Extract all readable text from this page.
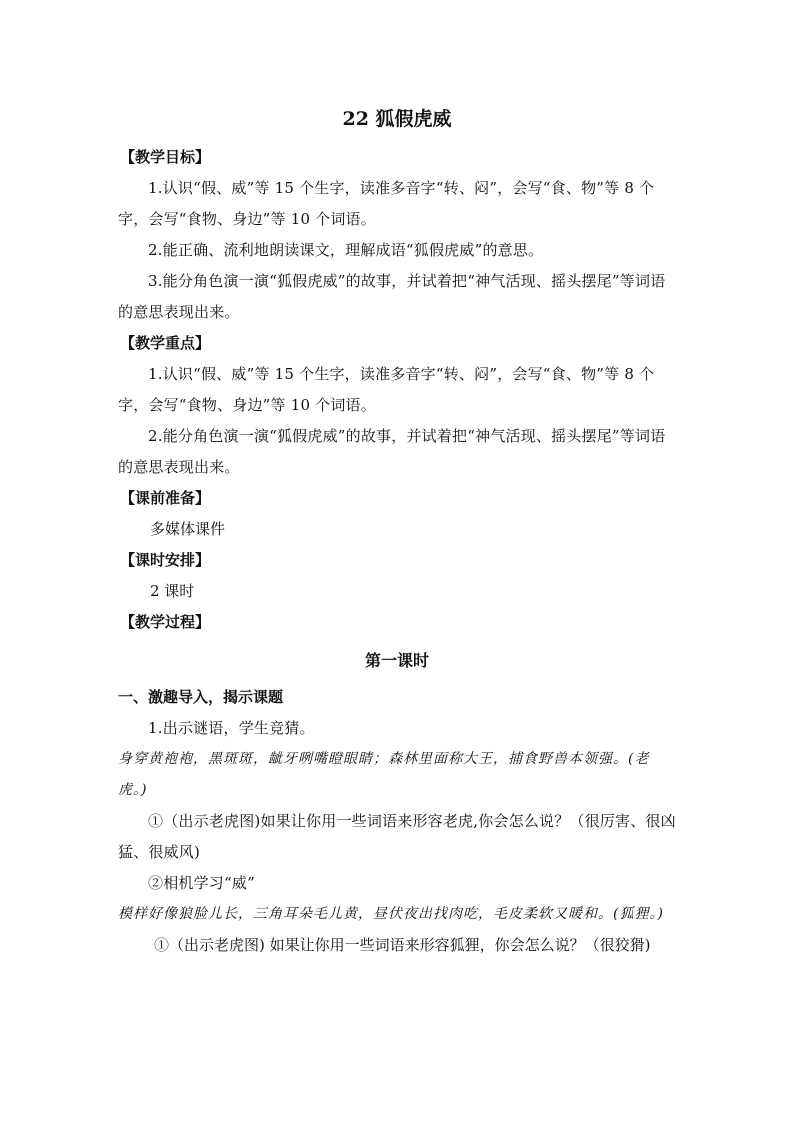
22 狐假虎威
【教学目标】
1.认识“假、威”等 15 个生字，读准多音字“转、闷”，会写“食、物”等 8 个字，会写“食物、身边”等 10 个词语。
2.能正确、流利地朗读课文，理解成语“狐假虎威”的意思。
3.能分角色演一演“狐假虎威”的故事，并试着把“神气活现、摇头摆尾”等词语的意思表现出来。
【教学重点】
1.认识“假、威”等 15 个生字，读准多音字“转、闷”，会写“食、物”等 8 个字，会写“食物、身边”等 10 个词语。
2.能分角色演一演“狐假虎威”的故事，并试着把“神气活现、摇头摆尾”等词语的意思表现出来。
【课前准备】
多媒体课件
【课时安排】
2 课时
【教学过程】
第一课时
一、激趣导入，揭示课题
1.出示谜语，学生竞猜。
身穿黄袍袍，黑斑斑，龇牙咧嘴瞪眼睛；森林里面称大王，捕食野兽本领强。(老虎。)
①（出示老虎图)如果让你用一些词语来形容老虎,你会怎么说？（很厉害、很凶猛、很威风)
②相机学习“威”
模样好像狼脸儿长，三角耳朵毛儿黄，昼伏夜出找肉吃，毛皮柔软又暖和。(狐狸。)
①（出示老虎图) 如果让你用一些词语来形容狐狸，你会怎么说？（很狡猾)
